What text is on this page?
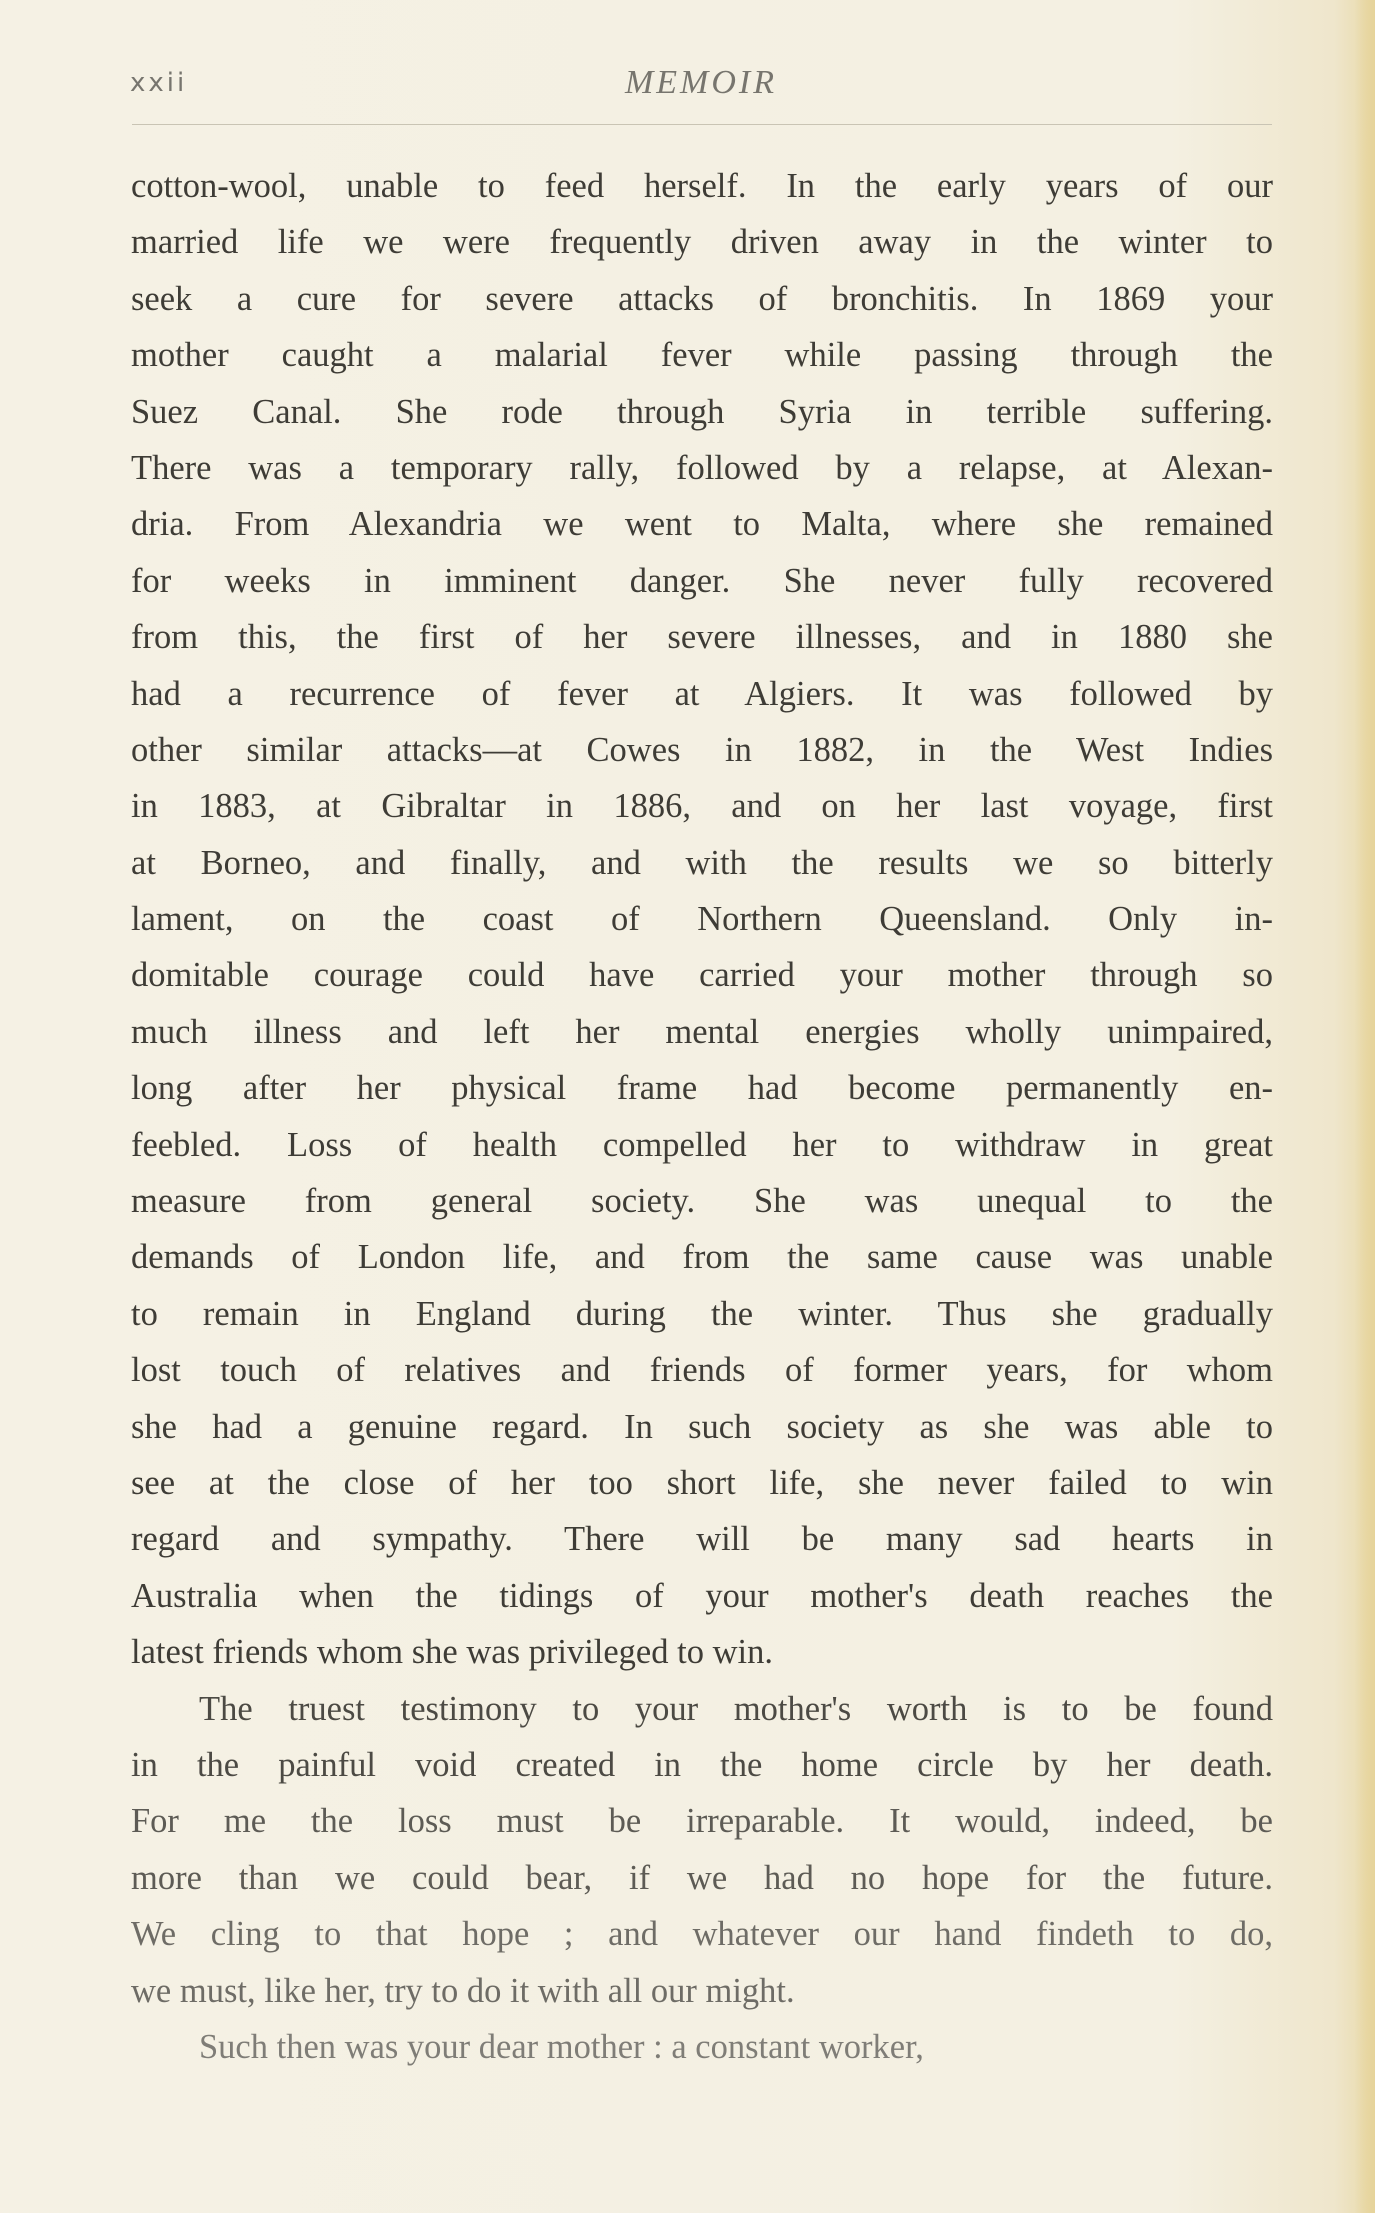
xxii	MEMOIR
cotton-wool, unable to feed herself. In the early years of our
married life we were frequently driven away in the winter to
seek a cure for severe attacks of bronchitis. In 1869 your
mother caught a malarial fever while passing through the
Suez Canal. She rode through Syria in terrible suffering.
There was a temporary rally, followed by a relapse, at Alexan-
dria. From Alexandria we went to Malta, where she remained
for weeks in imminent danger. She never fully recovered
from this, the first of her severe illnesses, and in 1880 she
had a recurrence of fever at Algiers. It was followed by
other similar attacks—at Cowes in 1882, in the West Indies
in 1883, at Gibraltar in 1886, and on her last voyage, first
at Borneo, and finally, and with the results we so bitterly
lament, on the coast of Northern Queensland. Only in-
domitable courage could have carried your mother through so
much illness and left her mental energies wholly unimpaired,
long after her physical frame had become permanently en-
feebled. Loss of health compelled her to withdraw in great
measure from general society. She was unequal to the
demands of London life, and from the same cause was unable
to remain in England during the winter. Thus she gradually
lost touch of relatives and friends of former years, for whom
she had a genuine regard. In such society as she was able to
see at the close of her too short life, she never failed to win
regard and sympathy. There will be many sad hearts in
Australia when the tidings of your mother's death reaches the
latest friends whom she was privileged to win.
The truest testimony to your mother's worth is to be found
in the painful void created in the home circle by her death.
For me the loss must be irreparable. It would, indeed, be
more than we could bear, if we had no hope for the future.
We cling to that hope ; and whatever our hand findeth to do,
we must, like her, try to do it with all our might.
Such then was your dear mother : a constant worker,
